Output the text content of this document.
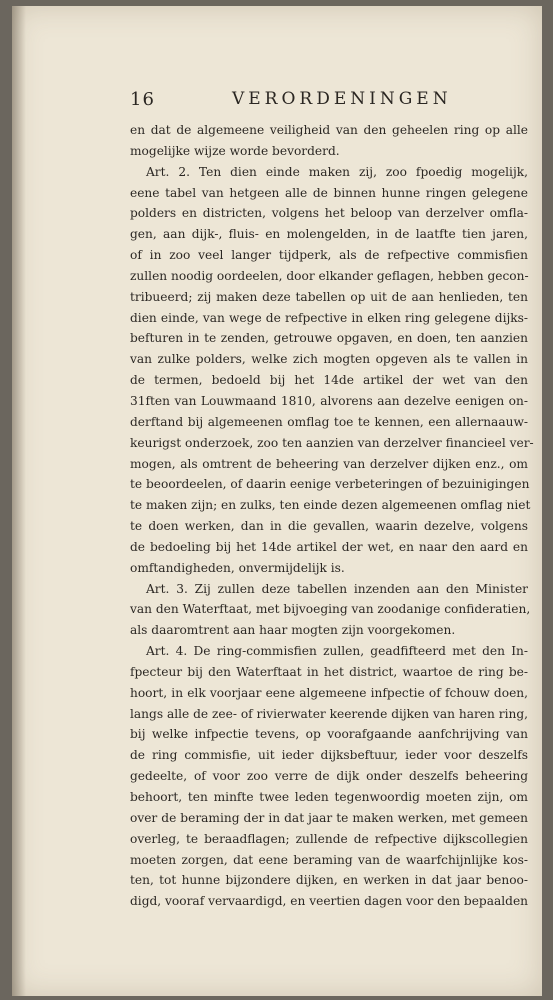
16	VERORDENINGEN
en dat de algemeene veiligheid van den geheelen ring op alle
mogelijke wijze worde bevorderd.
Art. 2. Ten dien einde maken zij, zoo fpoedig mogelijk,
eene tabel van hetgeen alle de binnen hunne ringen gelegene
polders en districten, volgens het beloop van derzelver omfla-
gen, aan dijk-, fluis- en molengelden, in de laatfte tien jaren,
of in zoo veel langer tijdperk, als de refpective commisfien
zullen noodig oordeelen, door elkander geflagen, hebben gecon-
tribueerd; zij maken deze tabellen op uit de aan henlieden, ten
dien einde, van wege de refpective in elken ring gelegene dijks-
befturen in te zenden, getrouwe opgaven, en doen, ten aanzien
van zulke polders, welke zich mogten opgeven als te vallen in
de termen, bedoeld bij het 14de artikel der wet van den
31ften van Louwmaand 1810, alvorens aan dezelve eenigen on-
derftand bij algemeenen omflag toe te kennen, een allernaauw-
keurigst onderzoek, zoo ten aanzien van derzelver financieel ver-
mogen, als omtrent de beheering van derzelver dijken enz., om
te beoordeelen, of daarin eenige verbeteringen of bezuinigingen
te maken zijn; en zulks, ten einde dezen algemeenen omflag niet
te doen werken, dan in die gevallen, waarin dezelve, volgens
de bedoeling bij het 14de artikel der wet, en naar den aard en
omftandigheden, onvermijdelijk is.
Art. 3. Zij zullen deze tabellen inzenden aan den Minister
van den Waterftaat, met bijvoeging van zoodanige confideratien,
als daaromtrent aan haar mogten zijn voorgekomen.
Art. 4. De ring-commisfien zullen, geadfifteerd met den In-
fpecteur bij den Waterftaat in het district, waartoe de ring be-
hoort, in elk voorjaar eene algemeene infpectie of fchouw doen,
langs alle de zee- of rivierwater keerende dijken van haren ring,
bij welke infpectie tevens, op voorafgaande aanfchrijving van
de ring commisfie, uit ieder dijksbeftuur, ieder voor deszelfs
gedeelte, of voor zoo verre de dijk onder deszelfs beheering
behoort, ten minfte twee leden tegenwoordig moeten zijn, om
over de beraming der in dat jaar te maken werken, met gemeen
overleg, te beraadflagen; zullende de refpective dijkscollegien
moeten zorgen, dat eene beraming van de waarfchijnlijke kos-
ten, tot hunne bijzondere dijken, en werken in dat jaar benoo-
digd, vooraf vervaardigd, en veertien dagen voor den bepaalden
